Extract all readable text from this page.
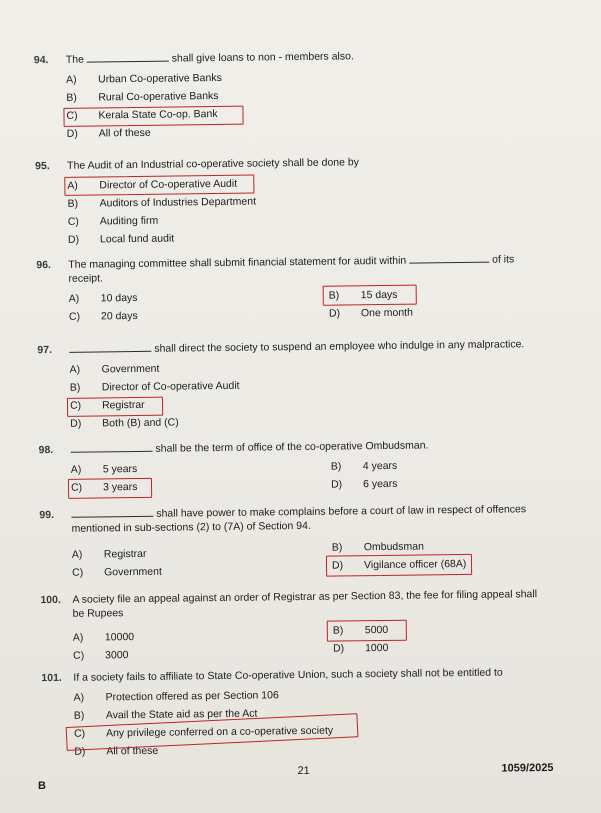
94. The	shall give loans to non - members also.
A)	Urban Co-operative Banks
B)	Rural Co-operative Banks
C)	Kerala State Co-op. Bank
D)	All of these
95. The Audit of an Industrial co-operative society shall be done by
A)	Director of Co-operative Audit
B)	Auditors of Industries Department
C)	Auditing firm
D)	Local fund audit
96. The managing committee shall submit financial statement for audit within	of its
receipt.
A)	10 days	B)	15 days
C)	20 days	D)	One month
97.	shall direct the society to suspend an employee who indulge in any malpractice.
A)	Government
B)	Director of Co-operative Audit
C)	Registrar
D)	Both (B) and (C)
98.	shall be the term of office of the co-operative Ombudsman.
A)	5 years	B)	4 years
C)	3 years	D)	6 years
99.	shall have power to make complains before a court of law in respect of offences
mentioned in sub-sections (2) to (7A) of Section 94.
A)	Registrar
B)	Ombudsman
C)	Government
D)	Vigilance officer (68A)
100. A society file an appeal against an order of Registrar as per Section 83, the fee for filing appeal shall
be Rupees
A)	10000
B)	5000
C)	3000
D)	1000
101. If a society fails to affiliate to State Co-operative Union, such a society shall not be entitled to
A)	Protection offered as per Section 106
B)	Avail the State aid as per the Act
C)	Any privilege conferred on a co-operative society
D)	All of these
21	1059/2025
B
